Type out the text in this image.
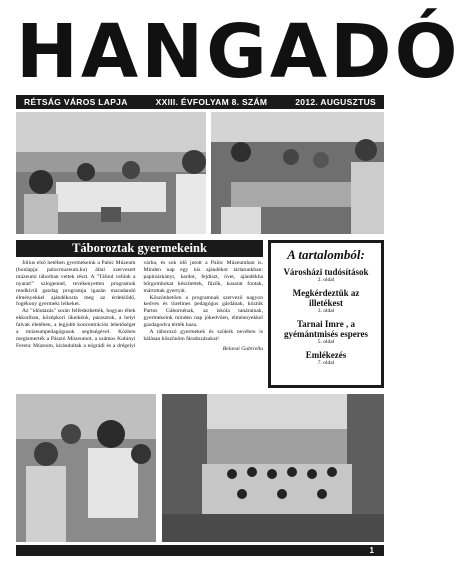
HANGADÓ
RÉTSÁG VÁROS LAPJA	XXIII. ÉVFOLYAM 8. SZÁM	2012. AUGUSZTUS
Táboroztak gyermekeink

Július első hetében gyermekeink a Palóc Múzeum (honlapja: palocmuzeum.hu) által szervezett múzeumi táborban vettek részt. A "Tálind velünk a nyarat!" szlogennel, tevékenyetten programok rendkívül gazdag programja igazán maradandó élményekkel ajándékozta meg az érdeklődő, fogékony gyermeki lelkeket.

Az "időutazás" során felfedezhették, hogyan éltek ekkoriban, középkori ükeikénk, parasztok, a helyi falvak életében, a legjobb koncentrációs lehetőséget a múzeumpedagógusok segítségével. Közben megismerték a Pásztó Múzeumot, a számos Kubinyi Ferenc Múzeum, kirándultak a nógrádi és a drégelyi várba, és sok idő jutott a Palóc Múzeumban is. Minden nap egy kis ajándékot tárlatunkban: papírsárkányt, kardot, fejdíszt, övet, ajándékba bőrgombokat készítettek, fűzők, kosarat fontak, mártottak gyertyát.

Köszönhetően a programnak szervező nagyon kedves és türelmes pedagógus gárdának, köztük Partos Gábornénak, az iskola tanárainak, gyermekeink minden nap jókedvűen, élménnyekkel gazdagodva térték haza.

A táborozó gyermekek és szüleik nevében is hálásan köszönöm fáradozásukat!

Belavai Gabriella

A tartalomból:
Városházi tudósítások
2. oldal
Megkérdeztük az illetékest
3. oldal
Tarnai Imre , a gyémántmisés esperes
5. oldal
Emlékezés
7. oldal
1
